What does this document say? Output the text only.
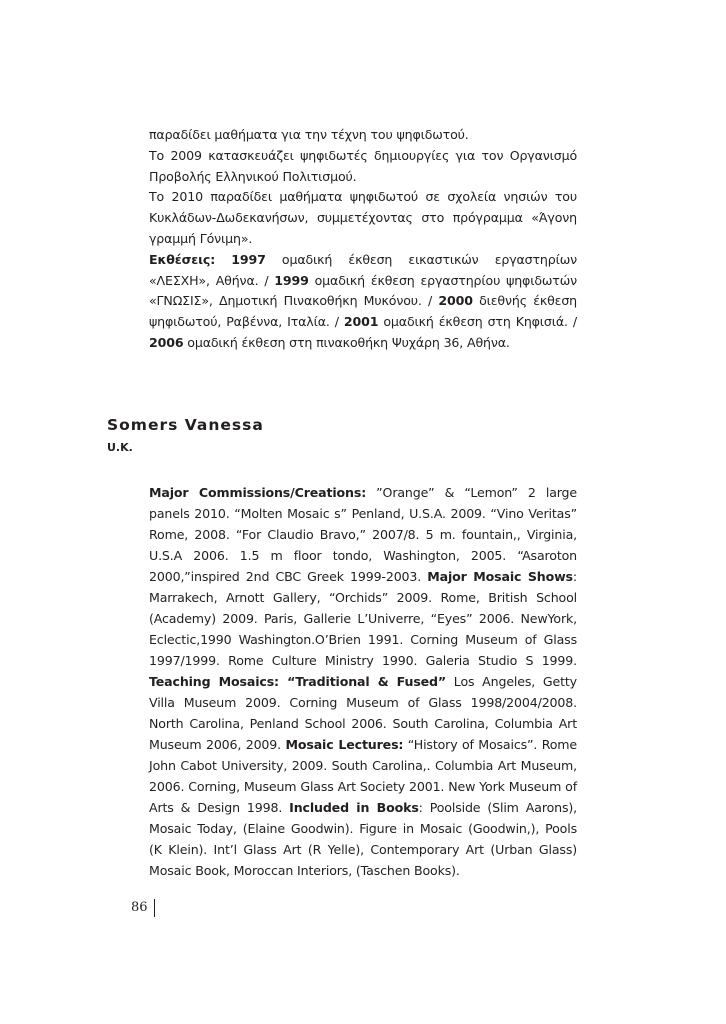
παραδίδει μαθήματα για την τέχνη του ψηφιδωτού.

Το 2009 κατασκευάζει ψηφιδωτές δημιουργίες για τον Οργανισμό Προβολής Ελληνικού Πολιτισμού.

Το 2010 παραδίδει μαθήματα ψηφιδωτού σε σχολεία νησιών του Κυκλάδων-Δωδεκανήσων, συμμετέχοντας στο πρόγραμμα «Άγονη γραμμή Γόνιμη».

Εκθέσεις: 1997 ομαδική έκθεση εικαστικών εργαστηρίων «ΛΕΣΧΗ», Αθήνα. / 1999 ομαδική έκθεση εργαστηρίου ψηφιδωτών «ΓΝΩΣΙΣ», Δημοτική Πινακοθήκη Μυκόνου. / 2000 διεθνής έκθεση ψηφιδωτού, Ραβέννα, Ιταλία. / 2001 ομαδική έκθεση στη Κηφισιά. / 2006 ομαδική έκθεση στη πινακοθήκη Ψυχάρη 36, Αθήνα.

Somers Vanessa
U.K.

Major Commissions/Creations: ”Orange” & “Lemon” 2 large panels 2010. “Molten Mosaic s” Penland, U.S.A. 2009. “Vino Veritas” Rome, 2008. “For Claudio Bravo,” 2007/8. 5 m. fountain,, Virginia, U.S.A 2006. 1.5 m floor tondo, Washington, 2005. “Asaroton 2000,”inspired 2nd CBC Greek 1999-2003. Major Mosaic Shows: Marrakech, Arnott Gallery, “Orchids” 2009. Rome, British School (Academy) 2009. Paris, Gallerie L’Univerre, “Eyes” 2006. NewYork, Eclectic,1990 Washington.O’Brien 1991. Corning Museum of Glass 1997/1999. Rome Culture Ministry 1990. Galeria Studio S 1999. Teaching Mosaics: “Traditional & Fused” Los Angeles, Getty Villa Museum 2009. Corning Museum of Glass 1998/2004/2008. North Carolina, Penland School 2006. South Carolina, Columbia Art Museum 2006, 2009. Mosaic Lectures: “History of Mosaics”. Rome John Cabot University, 2009. South Carolina,. Columbia Art Museum, 2006. Corning, Museum Glass Art Society 2001. New York Museum of Arts & Design 1998. Included in Books: Poolside (Slim Aarons), Mosaic Today, (Elaine Goodwin). Figure in Mosaic (Goodwin,), Pools (K Klein). Int’l Glass Art (R Yelle), Contemporary Art (Urban Glass) Mosaic Book, Moroccan Interiors, (Taschen Books).

86
